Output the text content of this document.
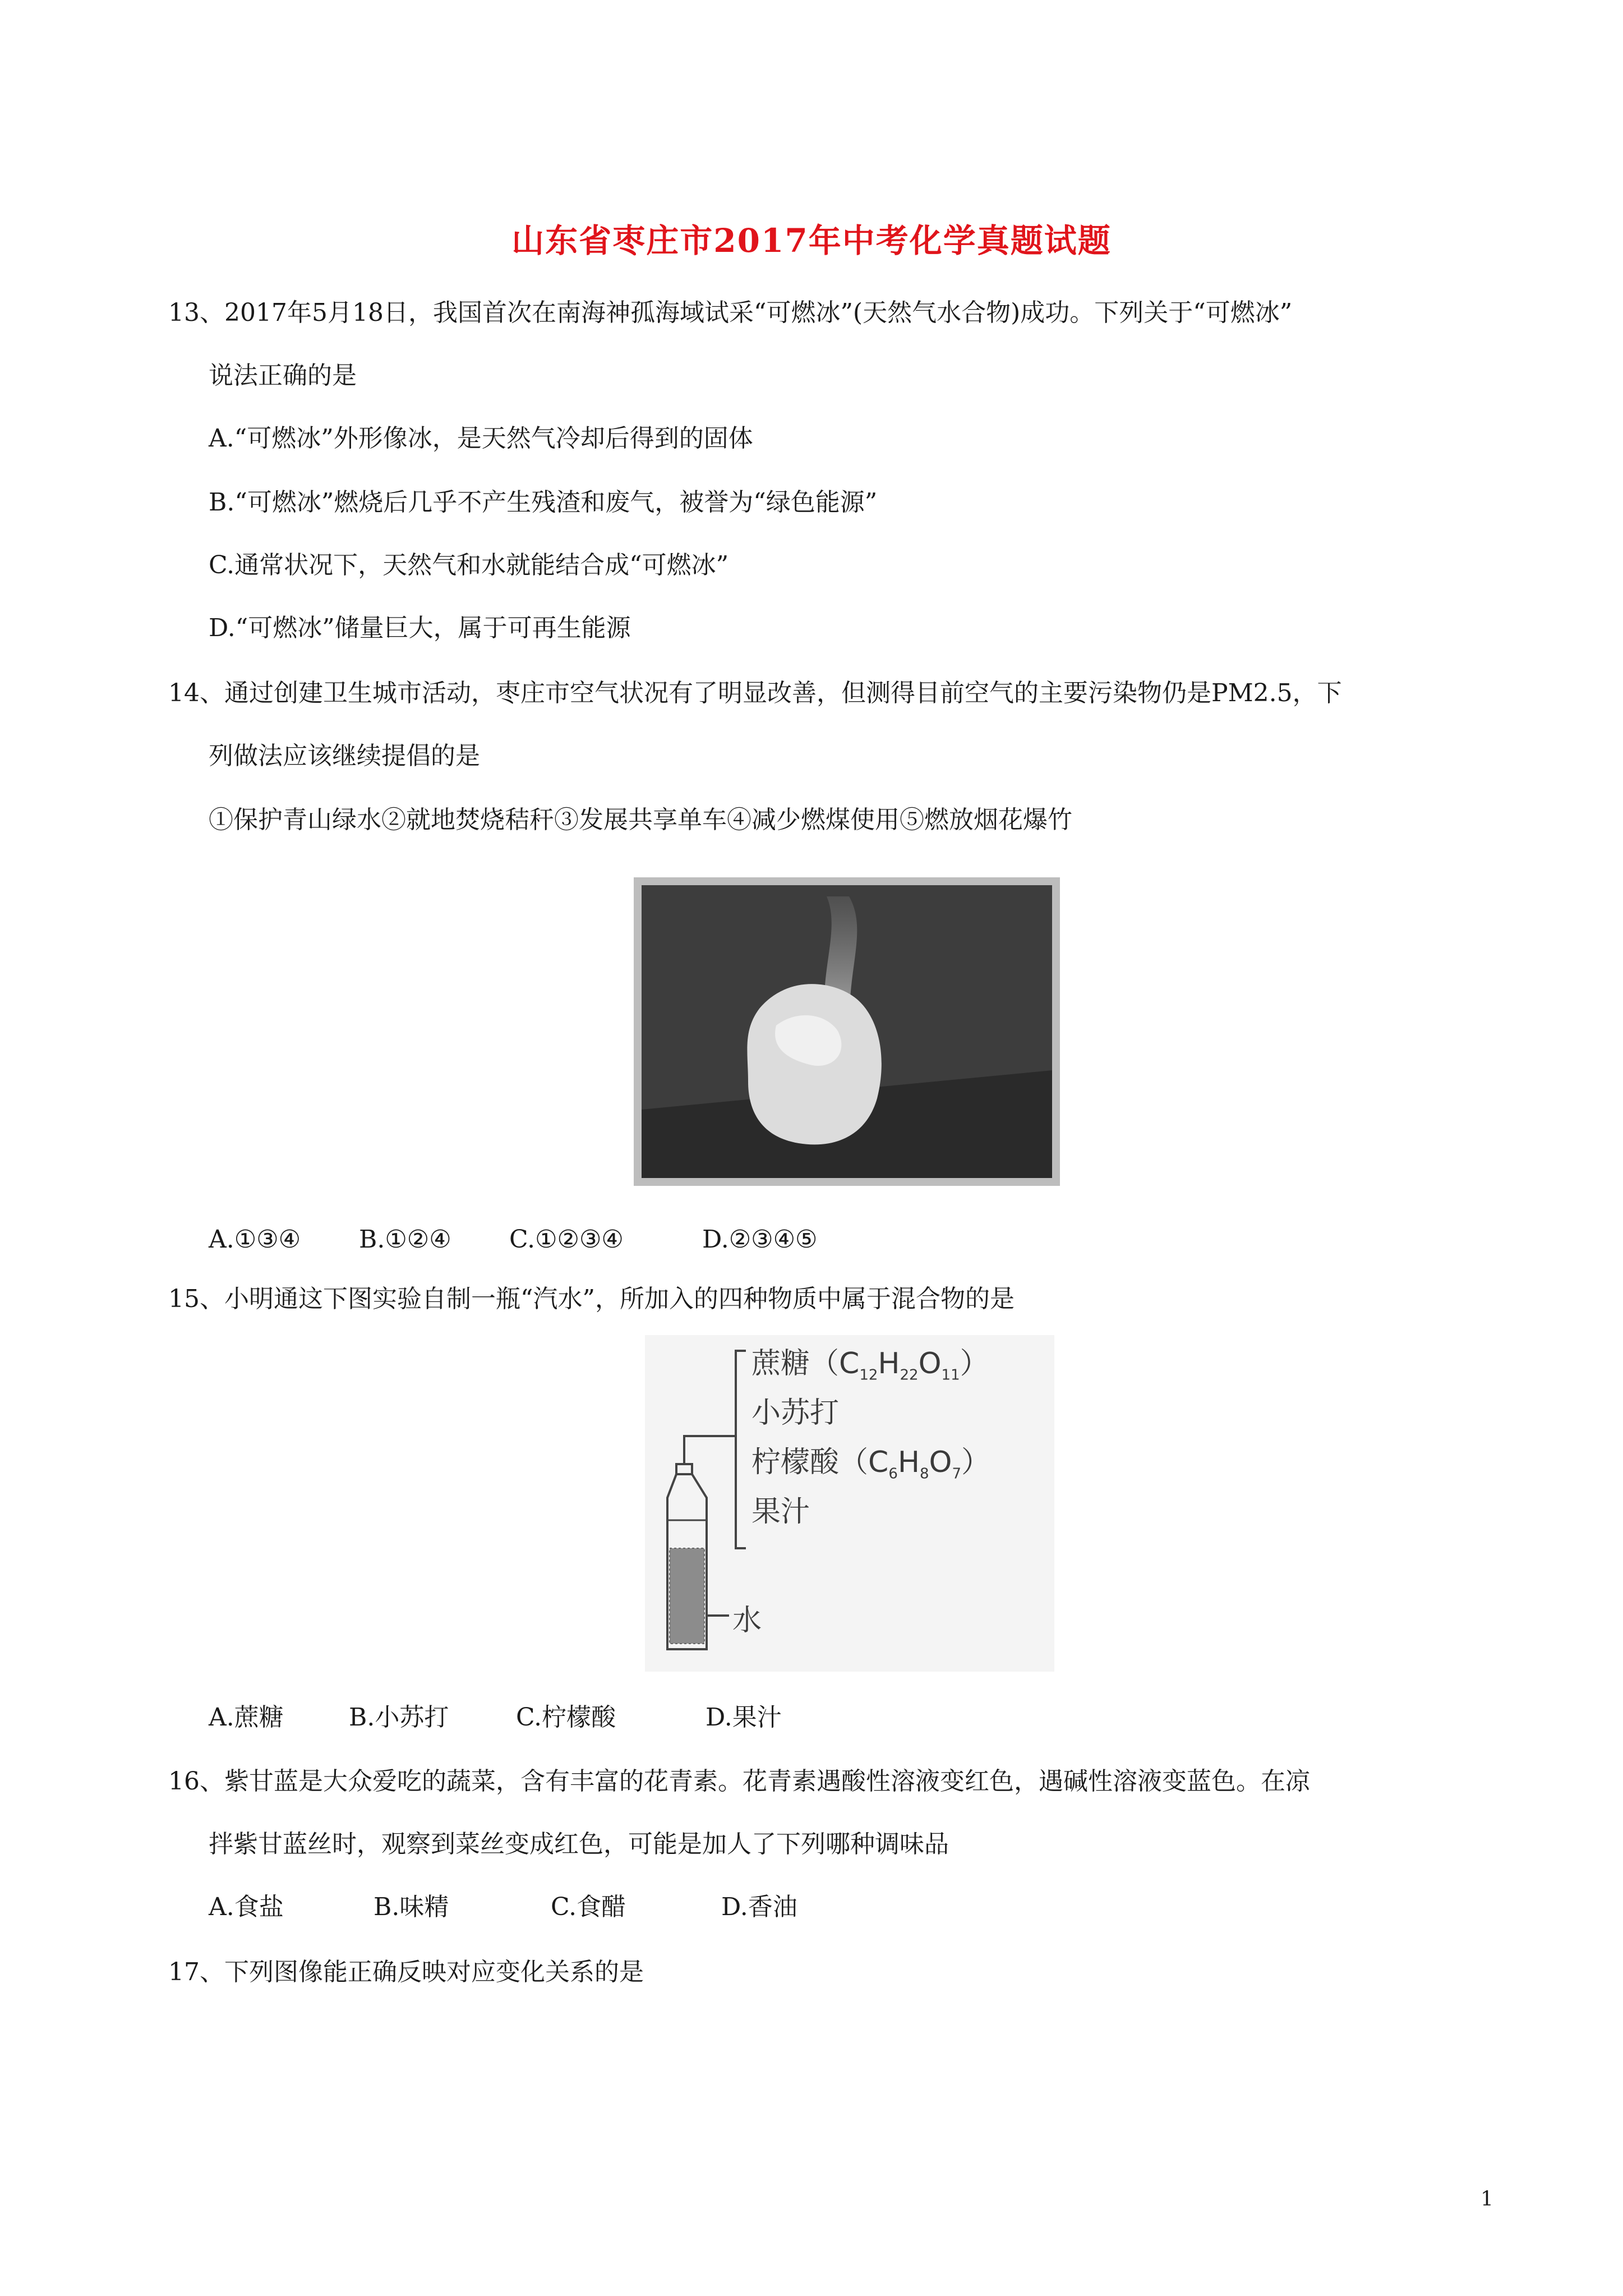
山东省枣庄市2017年中考化学真题试题
13、2017年5月18日，我国首次在南海神孤海域试采“可燃冰”(天然气水合物)成功。下列关于“可燃冰”
说法正确的是
A.“可燃冰”外形像冰，是天然气冷却后得到的固体
B.“可燃冰”燃烧后几乎不产生残渣和废气，被誉为“绿色能源”
C.通常状况下，天然气和水就能结合成“可燃冰”
D.“可燃冰”储量巨大，属于可再生能源
14、通过创建卫生城市活动，枣庄市空气状况有了明显改善，但测得目前空气的主要污染物仍是PM2.5，下
列做法应该继续提倡的是
①保护青山绿水②就地焚烧秸秆③发展共享单车④减少燃煤使用⑤燃放烟花爆竹
A.①③④ B.①②④ C.①②③④	D.②③④⑤
15、小明通这下图实验自制一瓶“汽水”，所加入的四种物质中属于混合物的是
蔗糖$(C_{12}H_{22}O_{11})$
小苏打
柠檬酸$(C_6H_8O_7)$
果汁
水
A.蔗糖	B.小苏打	C.柠檬酸	D.果汁
16、紫甘蓝是大众爱吃的蔬菜，含有丰富的花青素。花青素遇酸性溶液变红色，遇碱性溶液变蓝色。在凉
拌紫甘蓝丝时，观察到菜丝变成红色，可能是加人了下列哪种调味品
A.食盐	B.味精	C.食醋	D.香油
17、下列图像能正确反映对应变化关系的是
1
